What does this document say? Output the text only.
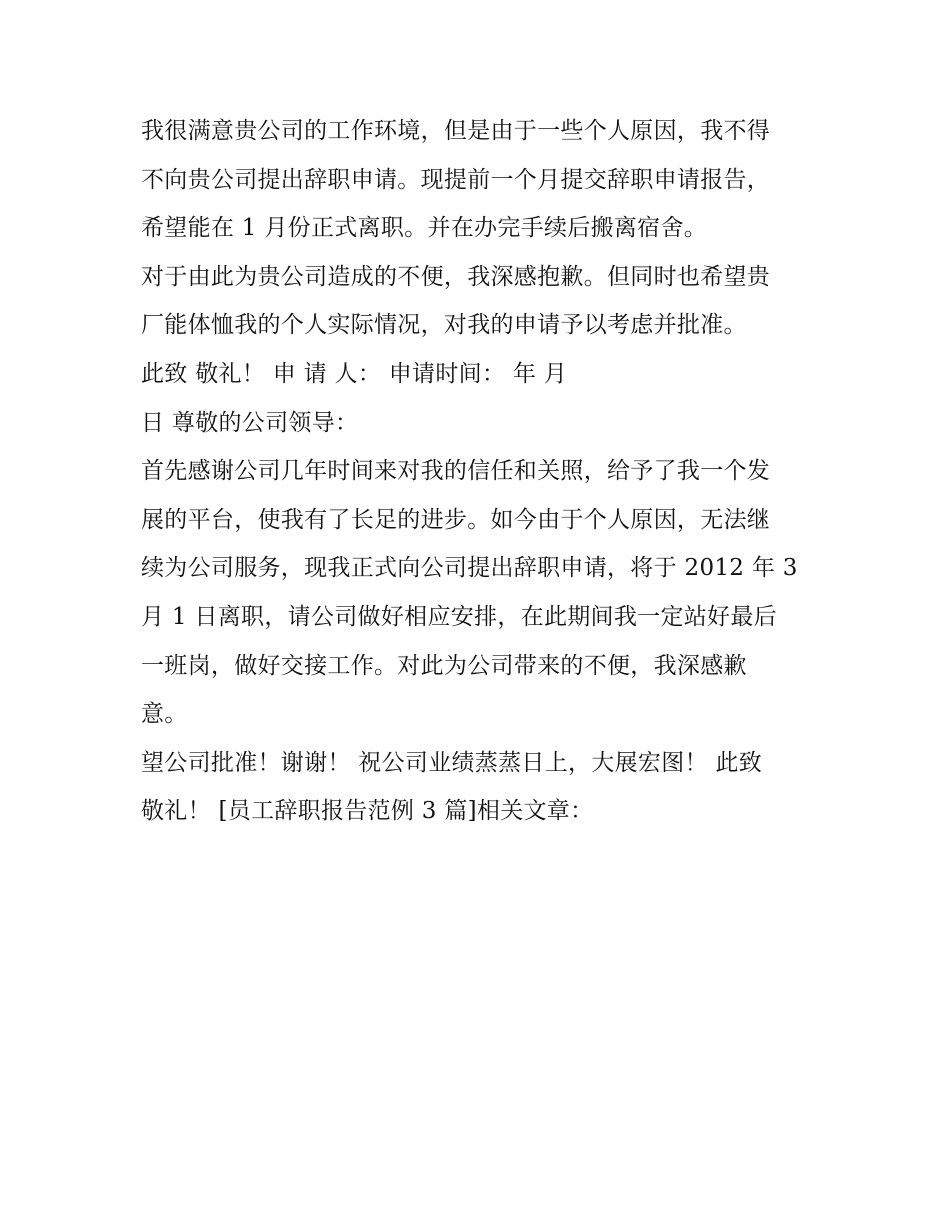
我很满意贵公司的工作环境，但是由于一些个人原因，我不得
不向贵公司提出辞职申请。现提前一个月提交辞职申请报告，
希望能在 1 月份正式离职。并在办完手续后搬离宿舍。
对于由此为贵公司造成的不便，我深感抱歉。但同时也希望贵
厂能体恤我的个人实际情况，对我的申请予以考虑并批准。
此致 敬礼！ 申 请 人： 申请时间： 年 月
日 尊敬的公司领导：
首先感谢公司几年时间来对我的信任和关照，给予了我一个发
展的平台，使我有了长足的进步。如今由于个人原因，无法继
续为公司服务，现我正式向公司提出辞职申请，将于 2012 年 3
月 1 日离职，请公司做好相应安排，在此期间我一定站好最后
一班岗，做好交接工作。对此为公司带来的不便，我深感歉
意。
望公司批准！谢谢！ 祝公司业绩蒸蒸日上，大展宏图！ 此致
敬礼！ [员工辞职报告范例 3 篇]相关文章：
